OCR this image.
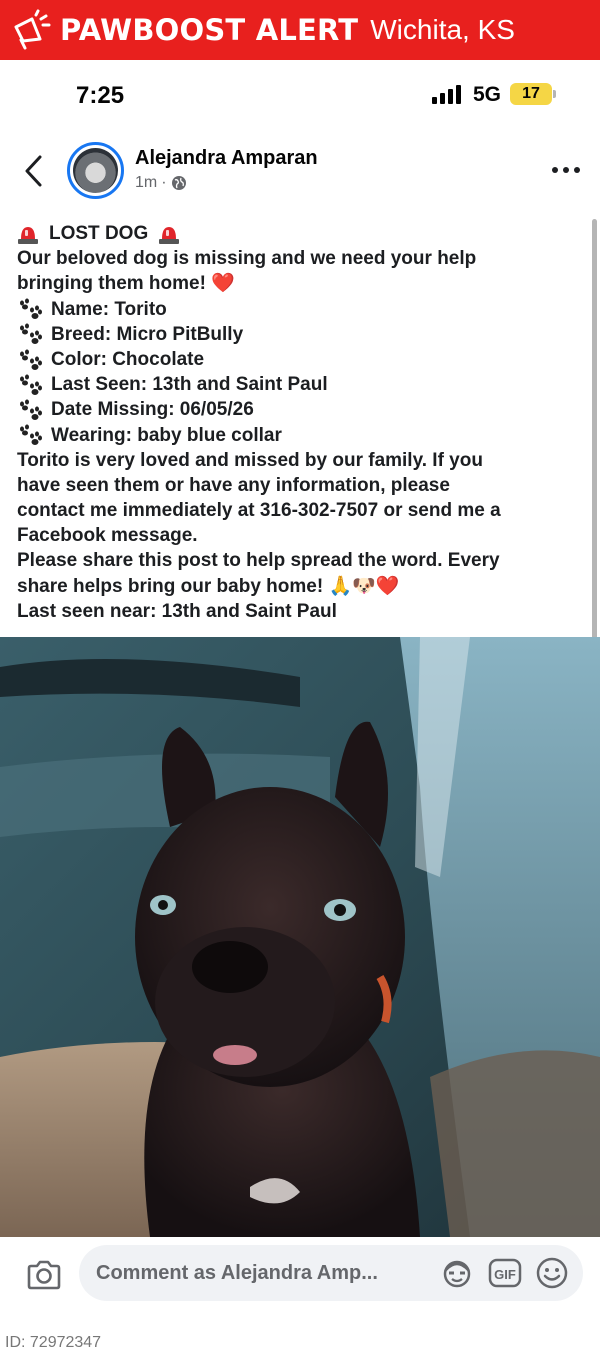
PAWBOOST ALERT Wichita, KS
7:25	5G	17
Alejandra Amparan
1m ·
LOST DOG
Our beloved dog is missing and we need your help
bringing them home! ❤️
Name: Torito
Breed: Micro PitBully
Color: Chocolate
Last Seen: 13th and Saint Paul
Date Missing: 06/05/26
Wearing: baby blue collar
Torito is very loved and missed by our family. If you
have seen them or have any information, please
contact me immediately at 316-302-7507 or send me a
Facebook message.
Please share this post to help spread the word. Every
share helps bring our baby home! 🙏🐶❤️
Last seen near: 13th and Saint Paul
Comment as Alejandra Amp...	GIF
ID: 72972347
